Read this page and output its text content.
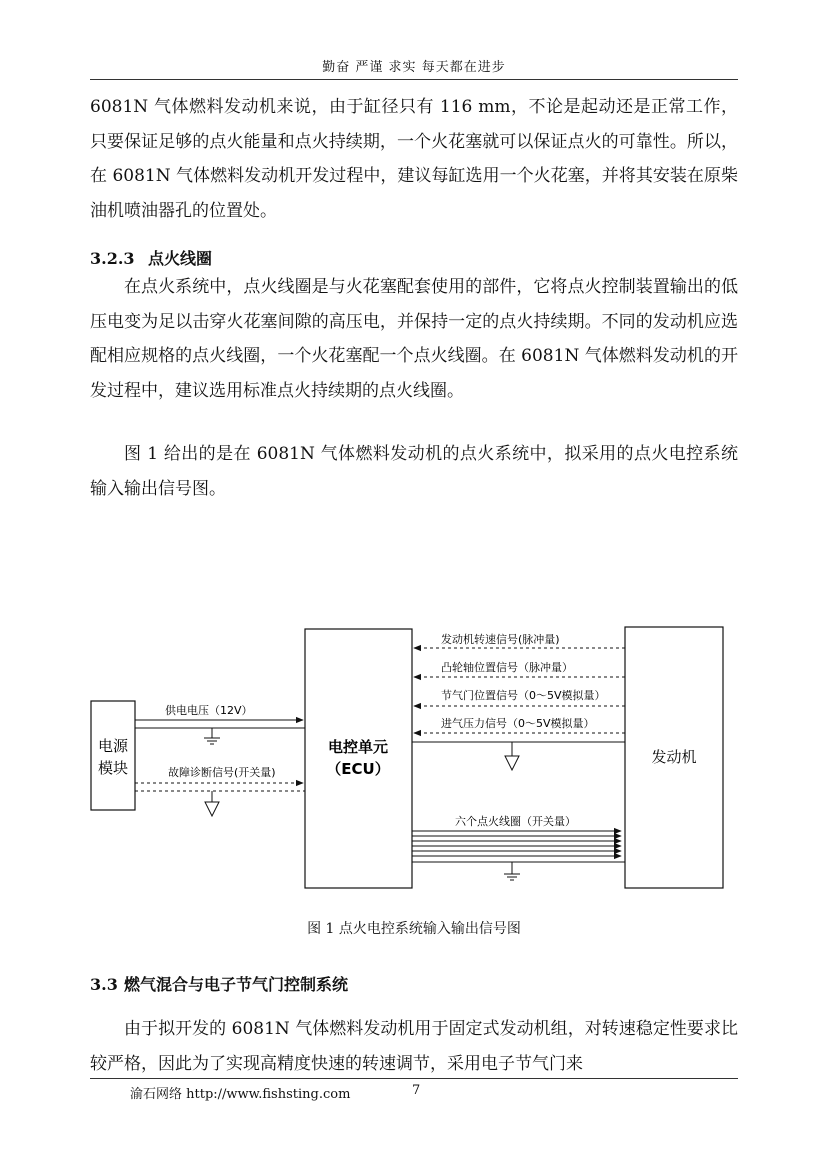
勤奋 严谨 求实 每天都在进步

6081N 气体燃料发动机来说，由于缸径只有 116 mm，不论是起动还是正常工作，只要保证足够的点火能量和点火持续期，一个火花塞就可以保证点火的可靠性。所以，在 6081N 气体燃料发动机开发过程中，建议每缸选用一个火花塞，并将其安装在原柴油机喷油器孔的位置处。

3.2.3 点火线圈

在点火系统中，点火线圈是与火花塞配套使用的部件，它将点火控制装置输出的低压电变为足以击穿火花塞间隙的高压电，并保持一定的点火持续期。不同的发动机应选配相应规格的点火线圈，一个火花塞配一个点火线圈。在 6081N 气体燃料发动机的开发过程中，建议选用标准点火持续期的点火线圈。

图 1 给出的是在 6081N 气体燃料发动机的点火系统中，拟采用的点火电控系统输入输出信号图。

电源
模块
电控单元
（ECU）
发动机
供电电压（12V）
故障诊断信号(开关量)
发动机转速信号(脉冲量)
凸轮轴位置信号（脉冲量）
节气门位置信号（0～5V模拟量）
进气压力信号（0～5V模拟量）
六个点火线圈（开关量）
图 1 点火电控系统输入输出信号图

3.3 燃气混合与电子节气门控制系统

由于拟开发的 6081N 气体燃料发动机用于固定式发动机组，对转速稳定性要求比较严格，因此为了实现高精度快速的转速调节，采用电子节气门来

渝石网络 http://www.fishsting.com	7
